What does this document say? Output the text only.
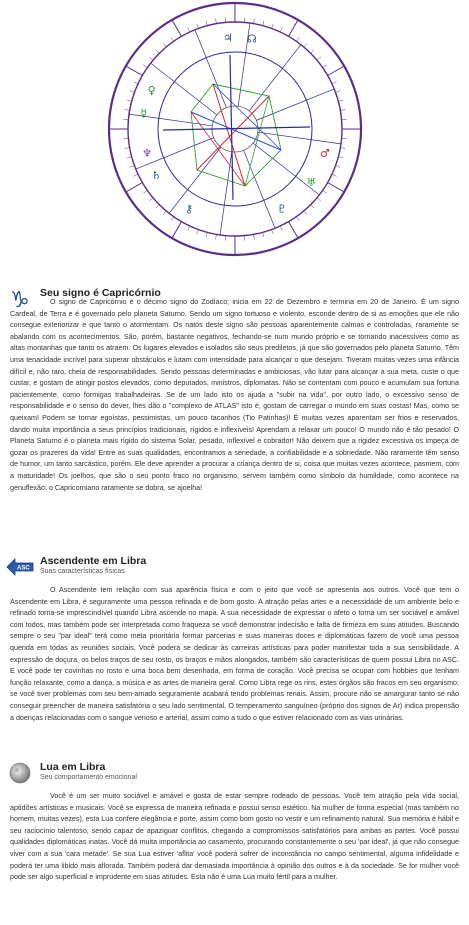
♃ ☊
♄
♆
☿
♀
⚷
♅
♂
♇
♑ Seu signo é Capricórnio

O signo de Capricórnio é o décimo signo do Zodíaco; inicia em 22 de Dezembro e termina em 20 de Janeiro. É um signo Cardeal, de Terra e é governado pelo planeta Saturno. Sendo um signo tortuoso e violento, esconde dentro de si as emoções que ele não consegue exteriorizar e que tanto o atormentam. Os natos deste signo são pessoas aparentemente calmas e controladas, raramente se abalando com os acontecimentos. São, porém, bastante negativos, fechando-se num mundo próprio e se tornando inacessíveis como as altas montanhas que tanto os atraem. Os lugares elevados e isolados são seus prediletos, já que são governados pelo planeta Saturno. Têm uma tenacidade incrível para superar obstáculos e lutam com intensidade para alcançar o que desejam. Tiveram muitas vezes uma infância difícil e, não raro, cheia de responsabilidades. Sendo pessoas determinadas e ambiciosas, vão lutar para alcançar a sua meta, custe o que custar, e gostam de atingir postos elevados, como deputados, ministros, diplomatas. Não se contentam com pouco e acumulam sua fortuna pacientemente, como formigas trabalhadeiras. Se de um lado isto os ajuda a "subir na vida", por outro lado, o excessivo senso de responsabilidade e o senso do dever, lhes dão o "complexo de ATLAS" isto é, gostam de carregar o mundo em suas costas! Mas, como se queixam! Podem se tornar egoístas, pessimistas, um pouco tacanhos (Tio Patinhas)! É muitas vezes aparentam ser frios e reservados, dando muita importância a seus princípios tradicionais, rígidos e inflexíveis! Aprendam a relaxar um pouco! O mundo não é tão pesado! O Planeta Saturno é o planeta mais rígido do sistema Solar, pesado, inflexível e cobrador! Não deixem que a rigidez excessiva os impeça de gozar os prazeres da vida! Entre as suas qualidades, encontramos a seriedade, a confiabilidade e a sobriedade. Não raramente têm senso de humor, um tanto sarcástico, porém. Ele deve aprender a procurar a criança dentro de si, coisa que muitas vezes acontece, pasmem, com a maturidade! Os joelhos, que são o seu ponto fraco no organismo, servem também como símbolo da humildade, como acontece na genuflexão: o Capricorniano raramente se dobra, se ajoelha!

ASC
Ascendente em Libra
Suas características físicas

O Ascendente tem relação com sua aparência física e com o jeito que você se apresenta aos outros. Você que tem o Ascendente em Libra, é seguramente uma pessoa refinada e de bom gosto. A atração pelas artes e a necessidade de um ambiente belo e refinado torna-se imprescindível quando Libra ascende no mapa. A sua necessidade de expressar o afeto o torna um ser sociável e amável com todos, mas também pode ser interpretada como fraqueza se você demonstrar indecisão e falta de firmeza em suas atitudes. Buscando sempre o seu "par ideal" terá como meta prioritária formar parcerias e suas maneiras doces e diplomáticas fazem de você uma pessoa querida em todas as reuniões sociais. Você poderá se dedicar às carreiras artísticas para poder manifestar toda a sua sensibilidade. A expressão de doçura, os belos traços de seu rosto, os braços e mãos alongados, também são características de quem possui Libra no ASC. E você pode ter covinhas no rosto e uma boca bem desenhada, em forma de coração. Você precisa se ocupar com hobbies que tenham função relaxante, como a dança, a música e as artes de maneira geral. Como Libra rege os rins, estes órgãos são fracos em seu organismo: se você tiver problemas com seu bem-amado seguramente acabará tendo problemas renais. Assim, procure não se amargurar tanto se não conseguir preencher de maneira satisfatória o seu lado sentimental. O temperamento sanguíneo (próprio dos signos de Ar) indica propensão a doenças relacionadas com o sangue venoso e arterial, assim como a tudo o que estiver relacionado com as vias urinárias.

Lua em Libra
Seu comportamento emocional

Você é um ser muito sociável e amável e gosta de estar sempre rodeado de pessoas. Você tem atração pela vida social, aptidões artísticas e musicais. Você se expressa de maneira refinada e possui senso estético. Na mulher de forma especial (mas também no homem, muitas vezes), esta Lua confere elegância e porte, assim como bom gosto no vestir e um refinamento natural. Sua memória é hábil e seu raciocínio talentoso, sendo capaz de apaziguar conflitos, chegando a compromissos satisfatórios para ambas as partes. Você possui qualidades diplomáticas inatas. Você dá muita importância ao casamento, procurando constantemente o seu 'par ideal', já que não consegue viver com a sua 'cara metade'. Se sua Lua estiver 'aflita' você poderá sofrer de inconstância no campo sentimental, alguma infidelidade e poderá ter uma libido mais aflorada. Também poderá dar demasiada importância à opinião dos outros e à da sociedade. Se for mulher você pode ser algo superficial e imprudente em suas atitudes. Esta não é uma Lua muito fértil para a mulher.
